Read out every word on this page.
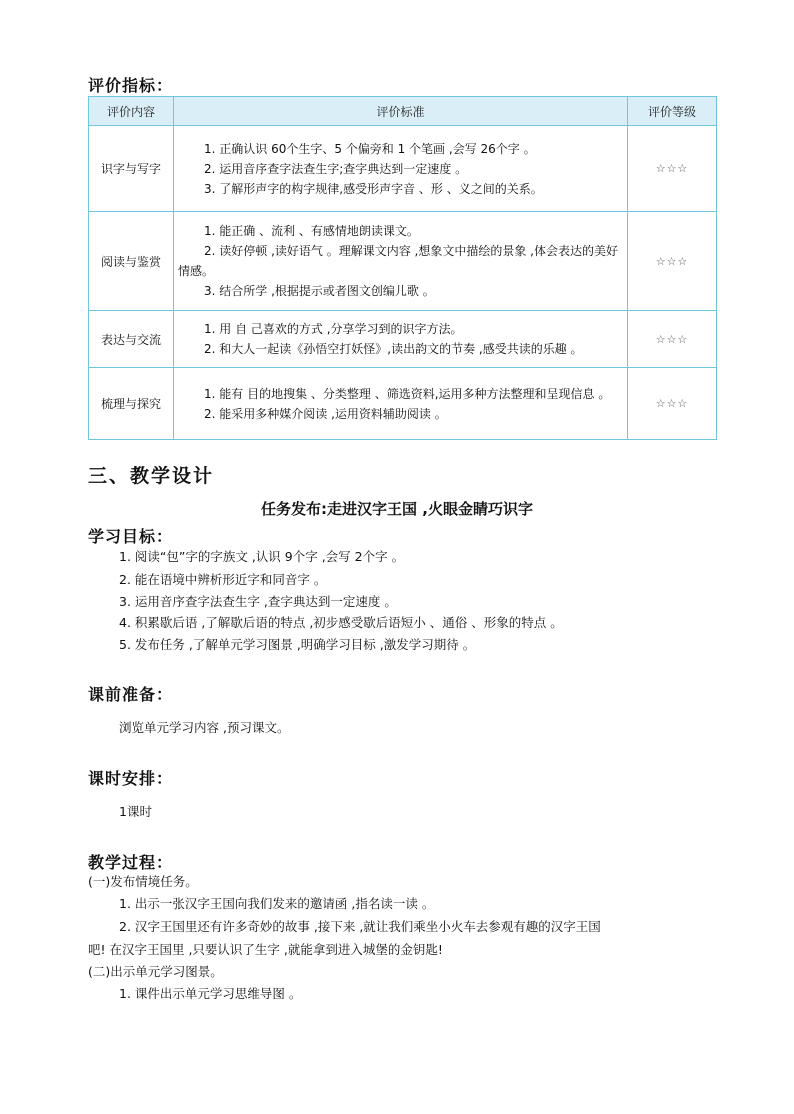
评价指标：
评价内容	评价标准	评价等级
识字与写字	1. 正确认识 60个生字、5 个偏旁和 1 个笔画 ,会写 26个字 。
2. 运用音序查字法查生字;查字典达到一定速度 。
3. 了解形声字的构字规律,感受形声字音 、形 、义之间的关系。	☆☆☆
阅读与鉴赏	1. 能正确 、流利 、有感情地朗读课文。
2. 读好停顿 ,读好语气 。理解课文内容 ,想象文中描绘的景象 ,体会表达的美好情感。
3. 结合所学 ,根据提示或者图文创编儿歌 。	☆☆☆
表达与交流	1. 用 自 己喜欢的方式 ,分享学习到的识字方法。
2. 和大人一起读《孙悟空打妖怪》,读出韵文的节奏 ,感受共读的乐趣 。	☆☆☆
梳理与探究	1. 能有 目的地搜集 、分类整理 、筛选资料,运用多种方法整理和呈现信息 。
2. 能采用多种媒介阅读 ,运用资料辅助阅读 。	☆☆☆
三、教学设计
任务发布:走进汉字王国 ,火眼金睛巧识字
学习目标：
1. 阅读“包”字的字族文 ,认识 9个字 ,会写 2个字 。
2. 能在语境中辨析形近字和同音字 。
3. 运用音序查字法查生字 ,查字典达到一定速度 。
4. 积累歇后语 ,了解歇后语的特点 ,初步感受歇后语短小 、通俗 、形象的特点 。
5. 发布任务 ,了解单元学习图景 ,明确学习目标 ,激发学习期待 。
课前准备：
浏览单元学习内容 ,预习课文。
课时安排：
1课时
教学过程：
(一)发布情境任务。
1. 出示一张汉字王国向我们发来的邀请函 ,指名读一读 。
2. 汉字王国里还有许多奇妙的故事 ,接下来 ,就让我们乘坐小火车去参观有趣的汉字王国
吧! 在汉字王国里 ,只要认识了生字 ,就能拿到进入城堡的金钥匙!
(二)出示单元学习图景。
1. 课件出示单元学习思维导图 。
